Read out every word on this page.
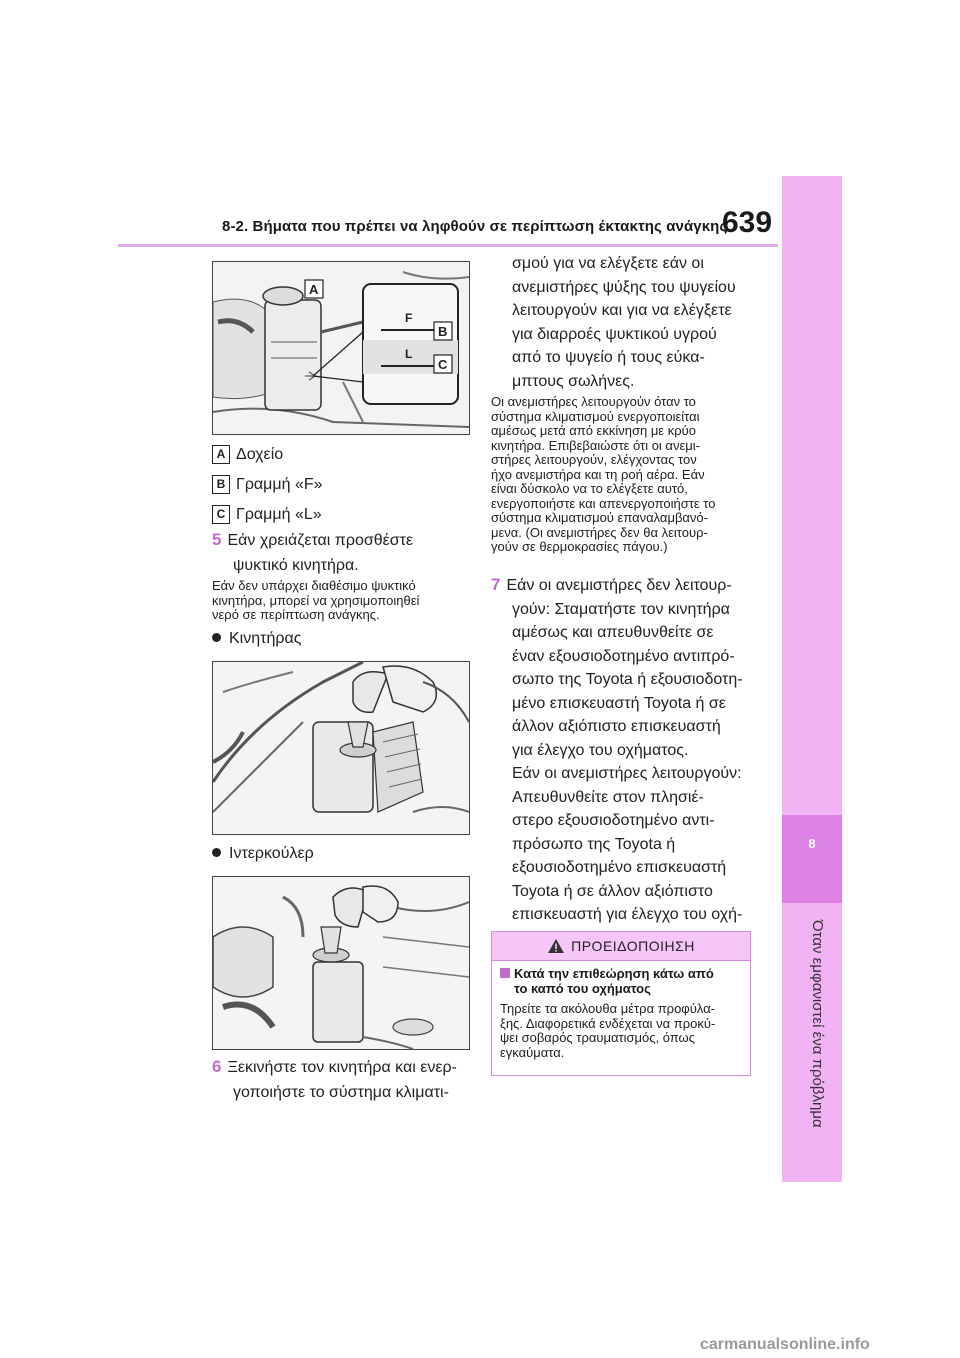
8-2. Βήματα που πρέπει να ληφθούν σε περίπτωση έκτακτης ανάγκης
639
8
Όταν εμφανιστεί ένα πρόβλημα
F
L
A
B
C
A Δοχείο
B Γραμμή «F»
C Γραμμή «L»
5 Εάν χρειάζεται προσθέστε
ψυκτικό κινητήρα.
Εάν δεν υπάρχει διαθέσιμο ψυκτικό
κινητήρα, μπορεί να χρησιμοποιηθεί
νερό σε περίπτωση ανάγκης.
Κινητήρας
Ιντερκούλερ
6 Ξεκινήστε τον κινητήρα και ενερ-
γοποιήστε το σύστημα κλιματι-
σμού για να ελέγξετε εάν οι
ανεμιστήρες ψύξης του ψυγείου
λειτουργούν και για να ελέγξετε
για διαρροές ψυκτικού υγρού
από το ψυγείο ή τους εύκα-
μπτους σωλήνες.
Οι ανεμιστήρες λειτουργούν όταν το
σύστημα κλιματισμού ενεργοποιείται
αμέσως μετά από εκκίνηση με κρύο
κινητήρα. Επιβεβαιώστε ότι οι ανεμι-
στήρες λειτουργούν, ελέγχοντας τον
ήχο ανεμιστήρα και τη ροή αέρα. Εάν
είναι δύσκολο να το ελέγξετε αυτό,
ενεργοποιήστε και απενεργοποιήστε το
σύστημα κλιματισμού επαναλαμβανό-
μενα. (Οι ανεμιστήρες δεν θα λειτουρ-
γούν σε θερμοκρασίες πάγου.)
7 Εάν οι ανεμιστήρες δεν λειτουρ-
γούν: Σταματήστε τον κινητήρα
αμέσως και απευθυνθείτε σε
έναν εξουσιοδοτημένο αντιπρό-
σωπο της Toyota ή εξουσιοδοτη-
μένο επισκευαστή Toyota ή σε
άλλον αξιόπιστο επισκευαστή
για έλεγχο του οχήματος.
Εάν οι ανεμιστήρες λειτουργούν:
Απευθυνθείτε στον πλησιέ-
στερο εξουσιοδοτημένο αντι-
πρόσωπο της Toyota ή
εξουσιοδοτημένο επισκευαστή
Toyota ή σε άλλον αξιόπιστο
επισκευαστή για έλεγχο του οχή-
ΠΡΟΕΙΔΟΠΟΙΗΣΗ
Κατά την επιθεώρηση κάτω από
το καπό του οχήματος
Τηρείτε τα ακόλουθα μέτρα προφύλα-
ξης. Διαφορετικά ενδέχεται να προκύ-
ψει σοβαρός τραυματισμός, όπως
εγκαύματα.
carmanualsonline.info
